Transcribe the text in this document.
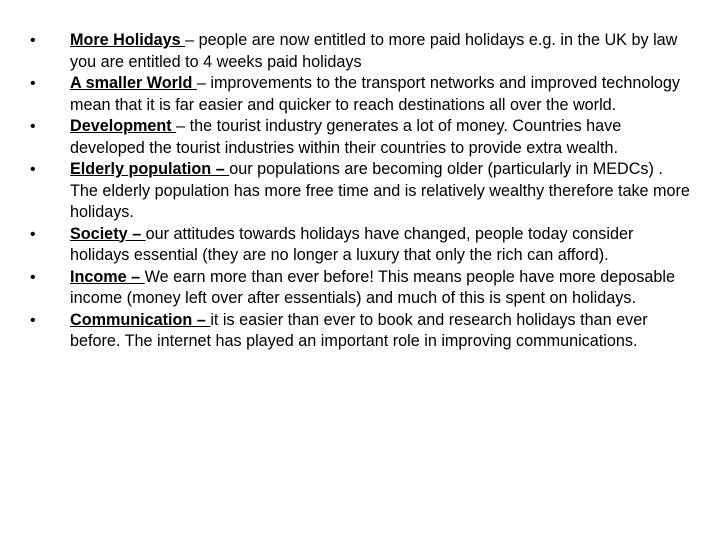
•	More Holidays – people are now entitled to more paid holidays e.g. in the UK by law you are entitled to 4 weeks paid holidays
•	A smaller World – improvements to the transport networks and improved technology mean that it is far easier and quicker to reach destinations all over the world.
•	Development – the tourist industry generates a lot of money. Countries have developed the tourist industries within their countries to provide extra wealth.
•	Elderly population – our populations are becoming older (particularly in MEDCs) . The elderly population has more free time and is relatively wealthy therefore take more holidays.
•	Society – our attitudes towards holidays have changed, people today consider holidays essential (they are no longer a luxury that only the rich can afford).
•	Income – We earn more than ever before! This means people have more deposable income (money left over after essentials) and much of this is spent on holidays.
•	Communication – it is easier than ever to book and research holidays than ever before. The internet has played an important role in improving communications.
